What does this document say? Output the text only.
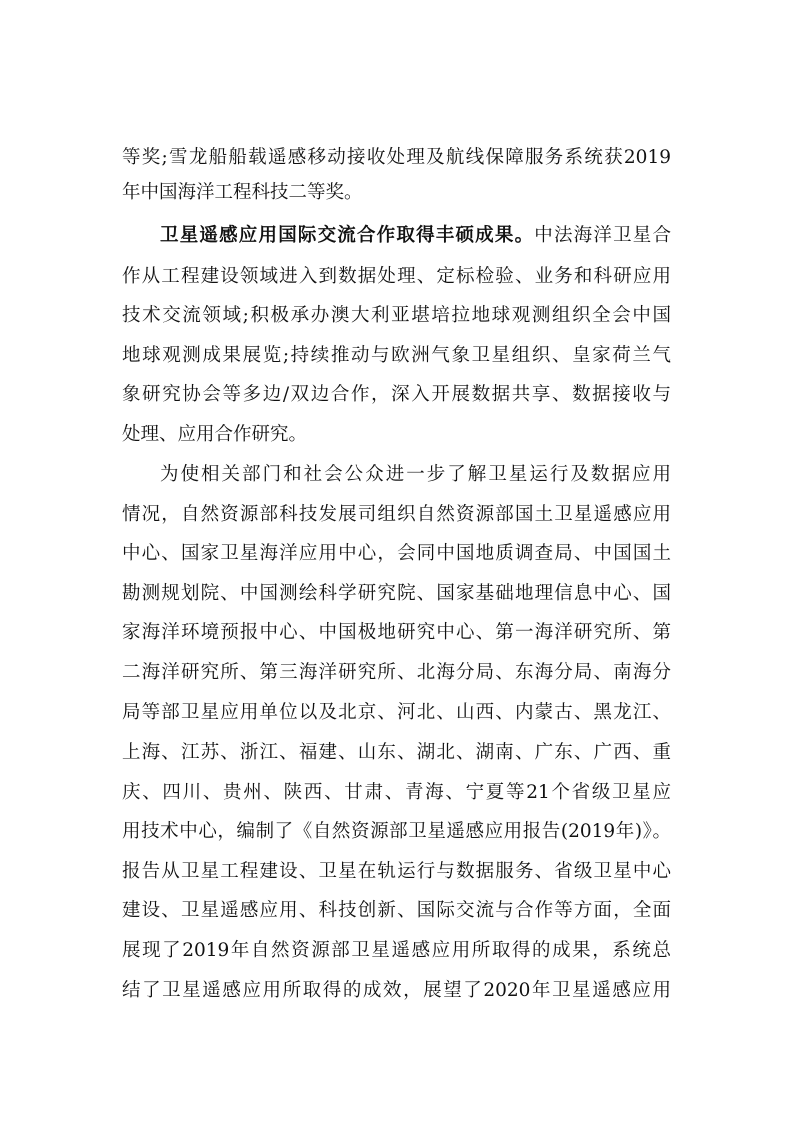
等奖;雪龙船船载遥感移动接收处理及航线保障服务系统获2019
年中国海洋工程科技二等奖。
卫星遥感应用国际交流合作取得丰硕成果。中法海洋卫星合
作从工程建设领域进入到数据处理、定标检验、业务和科研应用
技术交流领域;积极承办澳大利亚堪培拉地球观测组织全会中国
地球观测成果展览;持续推动与欧洲气象卫星组织、皇家荷兰气
象研究协会等多边/双边合作，深入开展数据共享、数据接收与
处理、应用合作研究。
为使相关部门和社会公众进一步了解卫星运行及数据应用
情况，自然资源部科技发展司组织自然资源部国土卫星遥感应用
中心、国家卫星海洋应用中心，会同中国地质调查局、中国国土
勘测规划院、中国测绘科学研究院、国家基础地理信息中心、国
家海洋环境预报中心、中国极地研究中心、第一海洋研究所、第
二海洋研究所、第三海洋研究所、北海分局、东海分局、南海分
局等部卫星应用单位以及北京、河北、山西、内蒙古、黑龙江、
上海、江苏、浙江、福建、山东、湖北、湖南、广东、广西、重
庆、四川、贵州、陕西、甘肃、青海、宁夏等21个省级卫星应
用技术中心，编制了《自然资源部卫星遥感应用报告(2019年)》。
报告从卫星工程建设、卫星在轨运行与数据服务、省级卫星中心
建设、卫星遥感应用、科技创新、国际交流与合作等方面，全面
展现了2019年自然资源部卫星遥感应用所取得的成果，系统总
结了卫星遥感应用所取得的成效，展望了2020年卫星遥感应用
